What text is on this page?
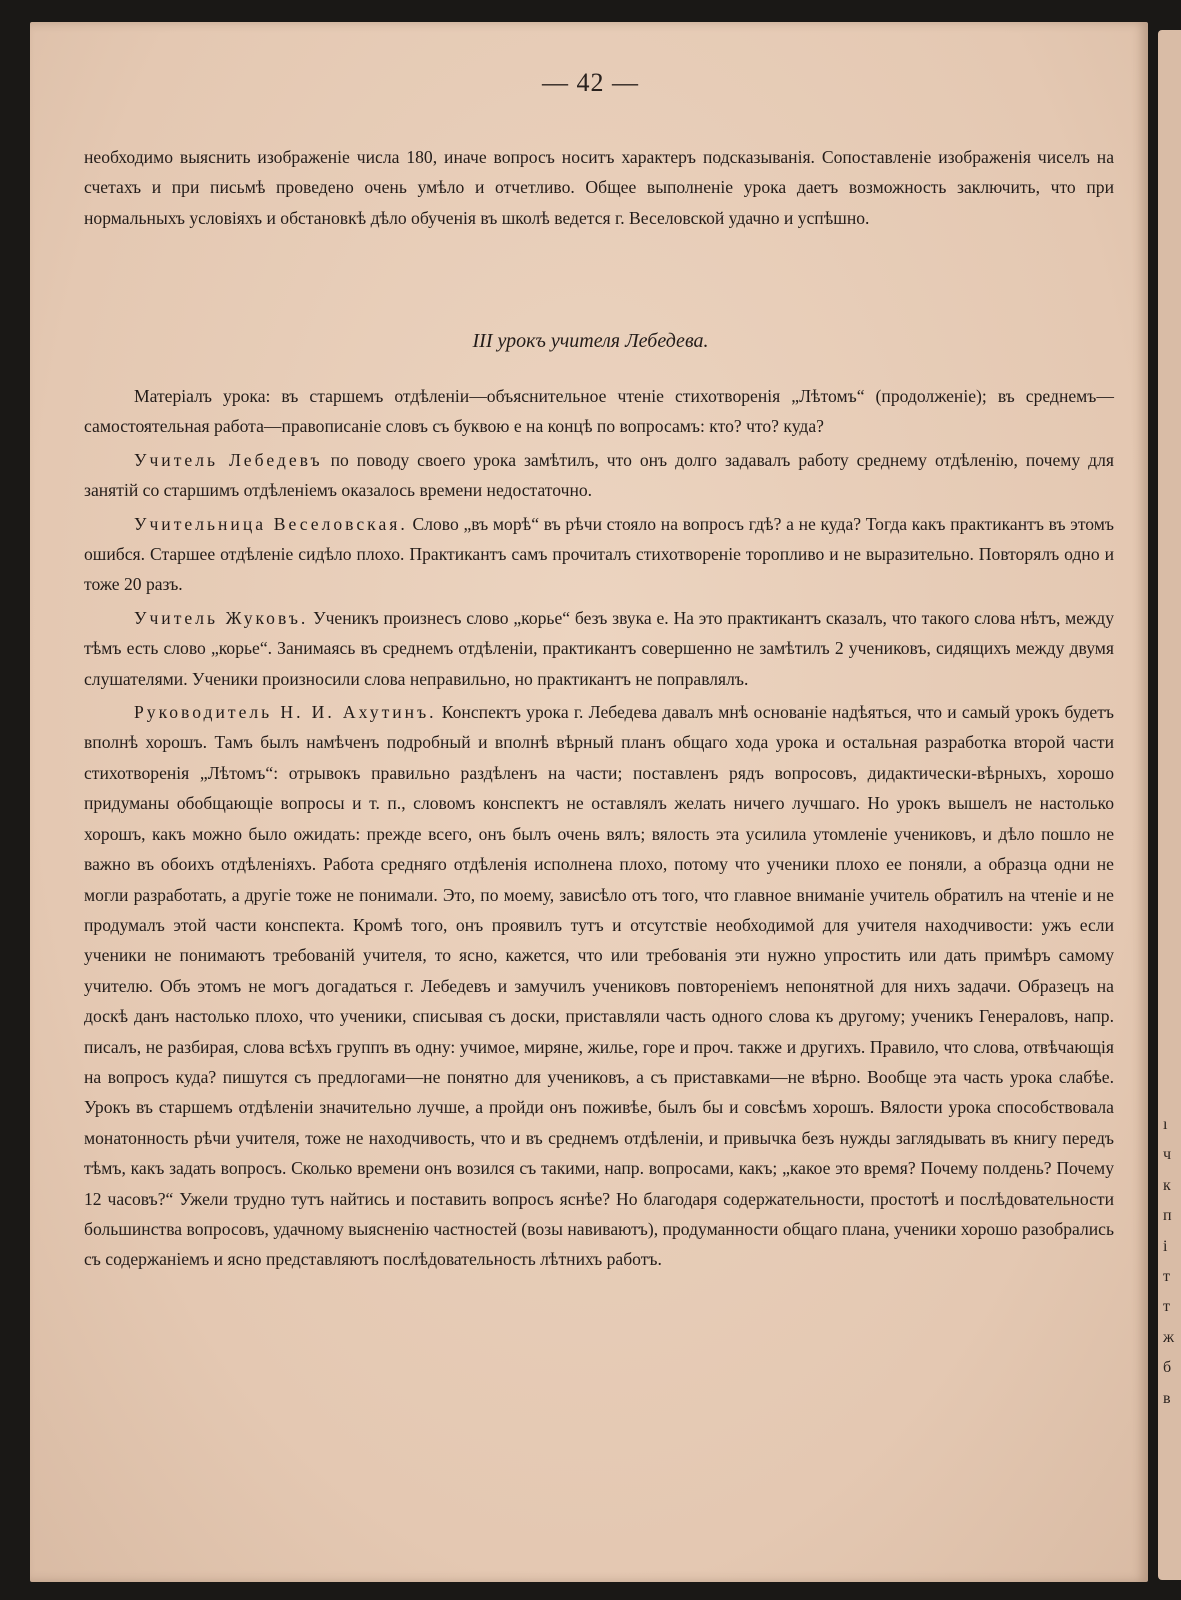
ı
ч
к
п
і
т
т
ж
б
в
— 42 —

необходимо выяснить изображеніе числа 180, иначе вопросъ носитъ характеръ подсказыванія. Сопоставленіе изображенія чиселъ на счетахъ и при письмѣ проведено очень умѣло и отчетливо. Общее выполненіе урока даетъ возможность заключить, что при нормальныхъ условіяхъ и обстановкѣ дѣло обученія въ школѣ ведется г. Веселовской удачно и успѣшно.

III урокъ учителя Лебедева.

Матеріалъ урока: въ старшемъ отдѣленіи—объяснительное чтеніе стихотворенія „Лѣтомъ“ (продолженіе); въ среднемъ—самостоятельная работа—правописаніе словъ съ буквою е на концѣ по вопросамъ: кто? что? куда?

Учитель Лебедевъ по поводу своего урока замѣтилъ, что онъ долго задавалъ работу среднему отдѣленію, почему для занятій со старшимъ отдѣленіемъ оказалось времени недостаточно.

Учительница Веселовская. Слово „въ морѣ“ въ рѣчи стояло на вопросъ гдѣ? а не куда? Тогда какъ практикантъ въ этомъ ошибся. Старшее отдѣленіе сидѣло плохо. Практикантъ самъ прочиталъ стихотвореніе торопливо и не выразительно. Повторялъ одно и тоже 20 разъ.

Учитель Жуковъ. Ученикъ произнесъ слово „корье“ безъ звука е. На это практикантъ сказалъ, что такого слова нѣтъ, между тѣмъ есть слово „корье“. Занимаясь въ среднемъ отдѣленіи, практикантъ совершенно не замѣтилъ 2 учениковъ, сидящихъ между двумя слушателями. Ученики произносили слова неправильно, но практикантъ не поправлялъ.

Руководитель Н. И. Ахутинъ. Конспектъ урока г. Лебедева давалъ мнѣ основаніе надѣяться, что и самый урокъ будетъ вполнѣ хорошъ. Тамъ былъ намѣченъ подробный и вполнѣ вѣрный планъ общаго хода урока и остальная разработка второй части стихотворенія „Лѣтомъ“: отрывокъ правильно раздѣленъ на части; поставленъ рядъ вопросовъ, дидактически-вѣрныхъ, хорошо придуманы обобщающіе вопросы и т. п., словомъ конспектъ не оставлялъ желать ничего лучшаго. Но урокъ вышелъ не настолько хорошъ, какъ можно было ожидать: прежде всего, онъ былъ очень вялъ; вялость эта усилила утомленіе учениковъ, и дѣло пошло не важно въ обоихъ отдѣленіяхъ. Работа средняго отдѣленія исполнена плохо, потому что ученики плохо ее поняли, а образца одни не могли разработать, а другіе тоже не понимали. Это, по моему, зависѣло отъ того, что главное вниманіе учитель обратилъ на чтеніе и не продумалъ этой части конспекта. Кромѣ того, онъ проявилъ тутъ и отсутствіе необходимой для учителя находчивости: ужъ если ученики не понимаютъ требованій учителя, то ясно, кажется, что или требованія эти нужно упростить или дать примѣръ самому учителю. Объ этомъ не могъ догадаться г. Лебедевъ и замучилъ учениковъ повтореніемъ непонятной для нихъ задачи. Образецъ на доскѣ данъ настолько плохо, что ученики, списывая съ доски, приставляли часть одного слова къ другому; ученикъ Генераловъ, напр. писалъ, не разбирая, слова всѣхъ группъ въ одну: учимое, миряне, жилье, горе и проч. также и другихъ. Правило, что слова, отвѣчающія на вопросъ куда? пишутся съ предлогами—не понятно для учениковъ, а съ приставками—не вѣрно. Вообще эта часть урока слабѣе. Урокъ въ старшемъ отдѣленіи значительно лучше, а пройди онъ поживѣе, былъ бы и совсѣмъ хорошъ. Вялости урока способствовала монатонность рѣчи учителя, тоже не находчивость, что и въ среднемъ отдѣленіи, и привычка безъ нужды заглядывать въ книгу передъ тѣмъ, какъ задать вопросъ. Сколько времени онъ возился съ такими, напр. вопросами, какъ; „какое это время? Почему полдень? Почему 12 часовъ?“ Ужели трудно тутъ найтись и поставить вопросъ яснѣе? Но благодаря содержательности, простотѣ и послѣдовательности большинства вопросовъ, удачному выясненію частностей (возы навиваютъ), продуманности общаго плана, ученики хорошо разобрались съ содержаніемъ и ясно представляютъ послѣдовательность лѣтнихъ работъ.
